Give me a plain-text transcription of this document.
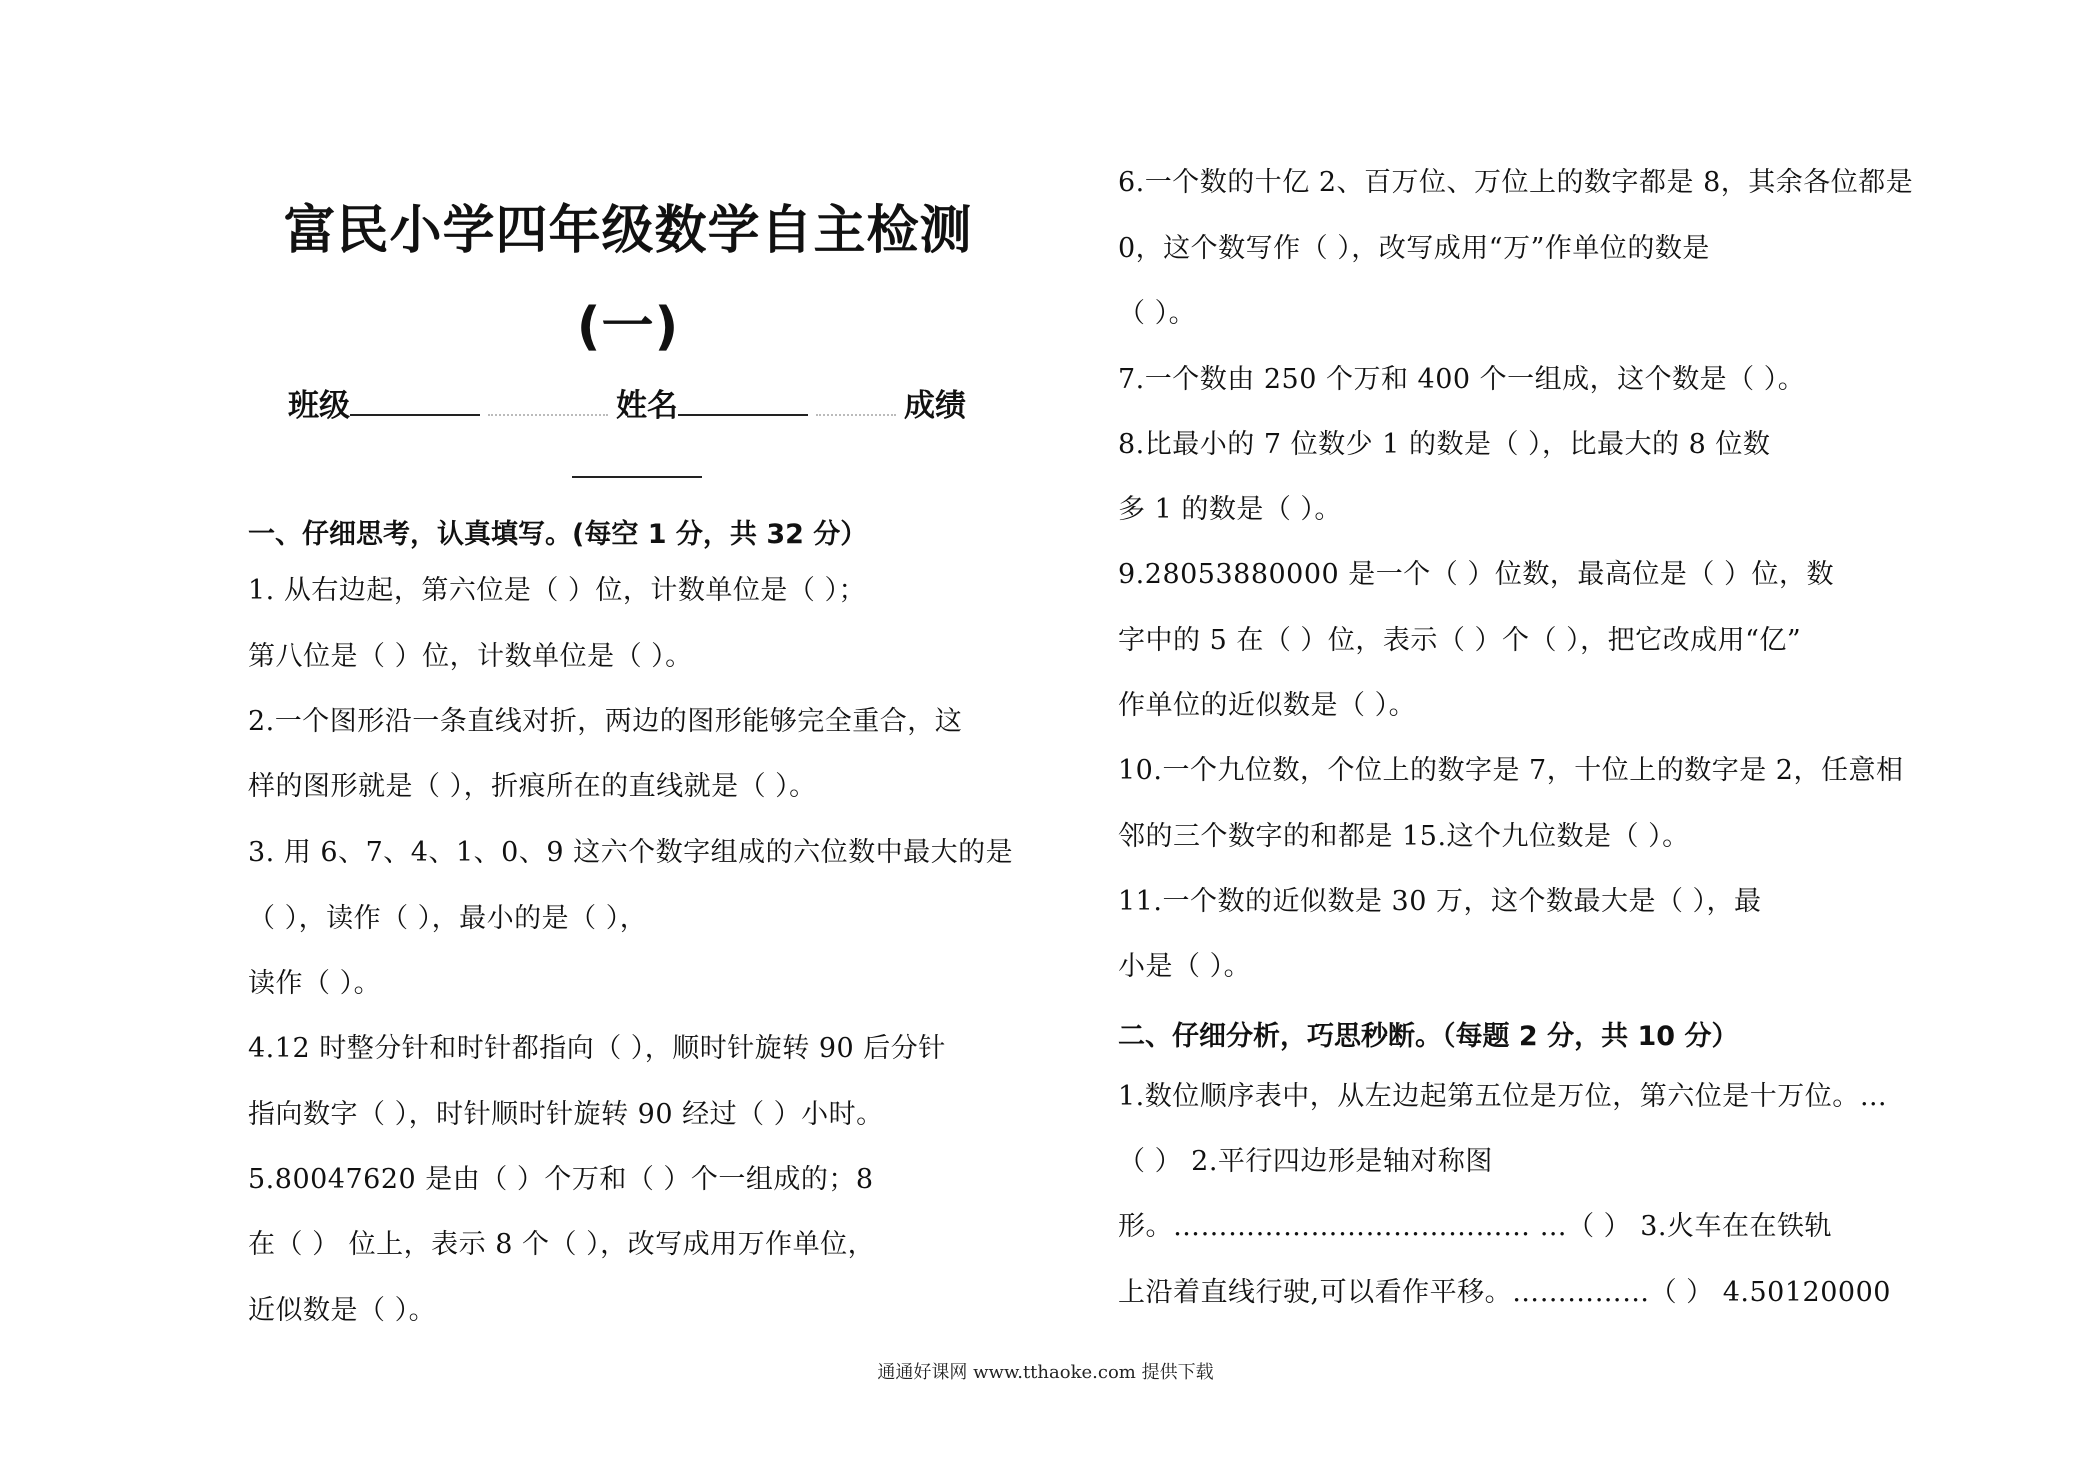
富民小学四年级数学自主检测
(一)
班级	姓名	成绩
一、仔细思考，认真填写。(每空 1 分，共 32 分）
1. 从右边起，第六位是（ ）位，计数单位是（ ）；
第八位是（ ）位，计数单位是（ ）。
2.一个图形沿一条直线对折，两边的图形能够完全重合，这
样的图形就是（ ），折痕所在的直线就是（ ）。
3. 用 6、7、4、1、0、9 这六个数字组成的六位数中最大的是
（ ），读作（ ），最小的是（ ），
读作（ ）。
4.12 时整分针和时针都指向（ ），顺时针旋转 90 后分针
指向数字（ ），时针顺时针旋转 90 经过（ ）小时。
5.80047620 是由（ ）个万和（ ）个一组成的；8
在（ ） 位上，表示 8 个（ ），改写成用万作单位，
近似数是（ ）。
6.一个数的十亿 2、百万位、万位上的数字都是 8，其余各位都是
0，这个数写作（ ），改写成用“万”作单位的数是
（ ）。
7.一个数由 250 个万和 400 个一组成，这个数是（ ）。
8.比最小的 7 位数少 1 的数是（ ），比最大的 8 位数
多 1 的数是（ ）。
9.28053880000 是一个（ ）位数，最高位是（ ）位，数
字中的 5 在（ ）位，表示（ ）个（ ），把它改成用“亿”
作单位的近似数是（ ）。
10.一个九位数，个位上的数字是 7，十位上的数字是 2，任意相
邻的三个数字的和都是 15.这个九位数是（ ）。
11.一个数的近似数是 30 万，这个数最大是（ ），最
小是（ ）。
二、仔细分析，巧思秒断。（每题 2 分，共 10 分）
1.数位顺序表中，从左边起第五位是万位，第六位是十万位。…
（ ） 2.平行四边形是轴对称图
形。………………………………… …（ ） 3.火车在在铁轨
上沿着直线行驶,可以看作平移。……………（ ） 4.50120000
通通好课网 www.tthaoke.com 提供下载
